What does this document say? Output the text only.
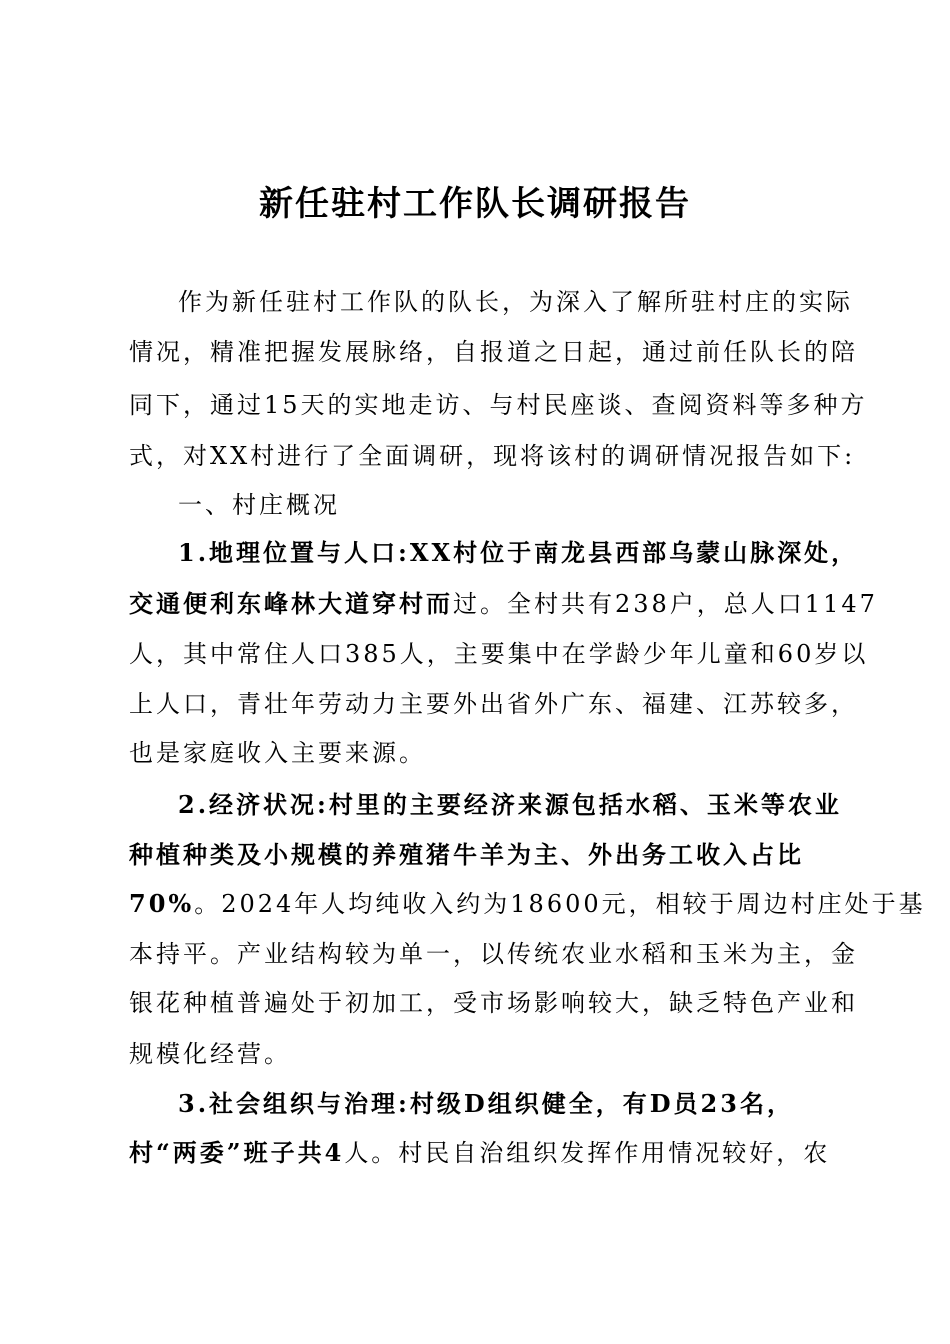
新任驻村工作队长调研报告
作为新任驻村工作队的队长，为深入了解所驻村庄的实际
情况，精准把握发展脉络，自报道之日起，通过前任队长的陪
同下，通过15天的实地走访、与村民座谈、查阅资料等多种方
式，对XX村进行了全面调研，现将该村的调研情况报告如下:
一、村庄概况
1.地理位置与人口:XX村位于南龙县西部乌蒙山脉深处，
交通便利东峰林大道穿村而过。全村共有238户，总人口1147
人，其中常住人口385人，主要集中在学龄少年儿童和60岁以
上人口，青壮年劳动力主要外出省外广东、福建、江苏较多，
也是家庭收入主要来源。
2.经济状况:村里的主要经济来源包括水稻、玉米等农业
种植种类及小规模的养殖猪牛羊为主、外出务工收入占比
70%。2024年人均纯收入约为18600元，相较于周边村庄处于基
本持平。产业结构较为单一，以传统农业水稻和玉米为主，金
银花种植普遍处于初加工，受市场影响较大，缺乏特色产业和
规模化经营。
3.社会组织与治理:村级D组织健全，有D员23名，
村“两委”班子共4人。村民自治组织发挥作用情况较好，农
